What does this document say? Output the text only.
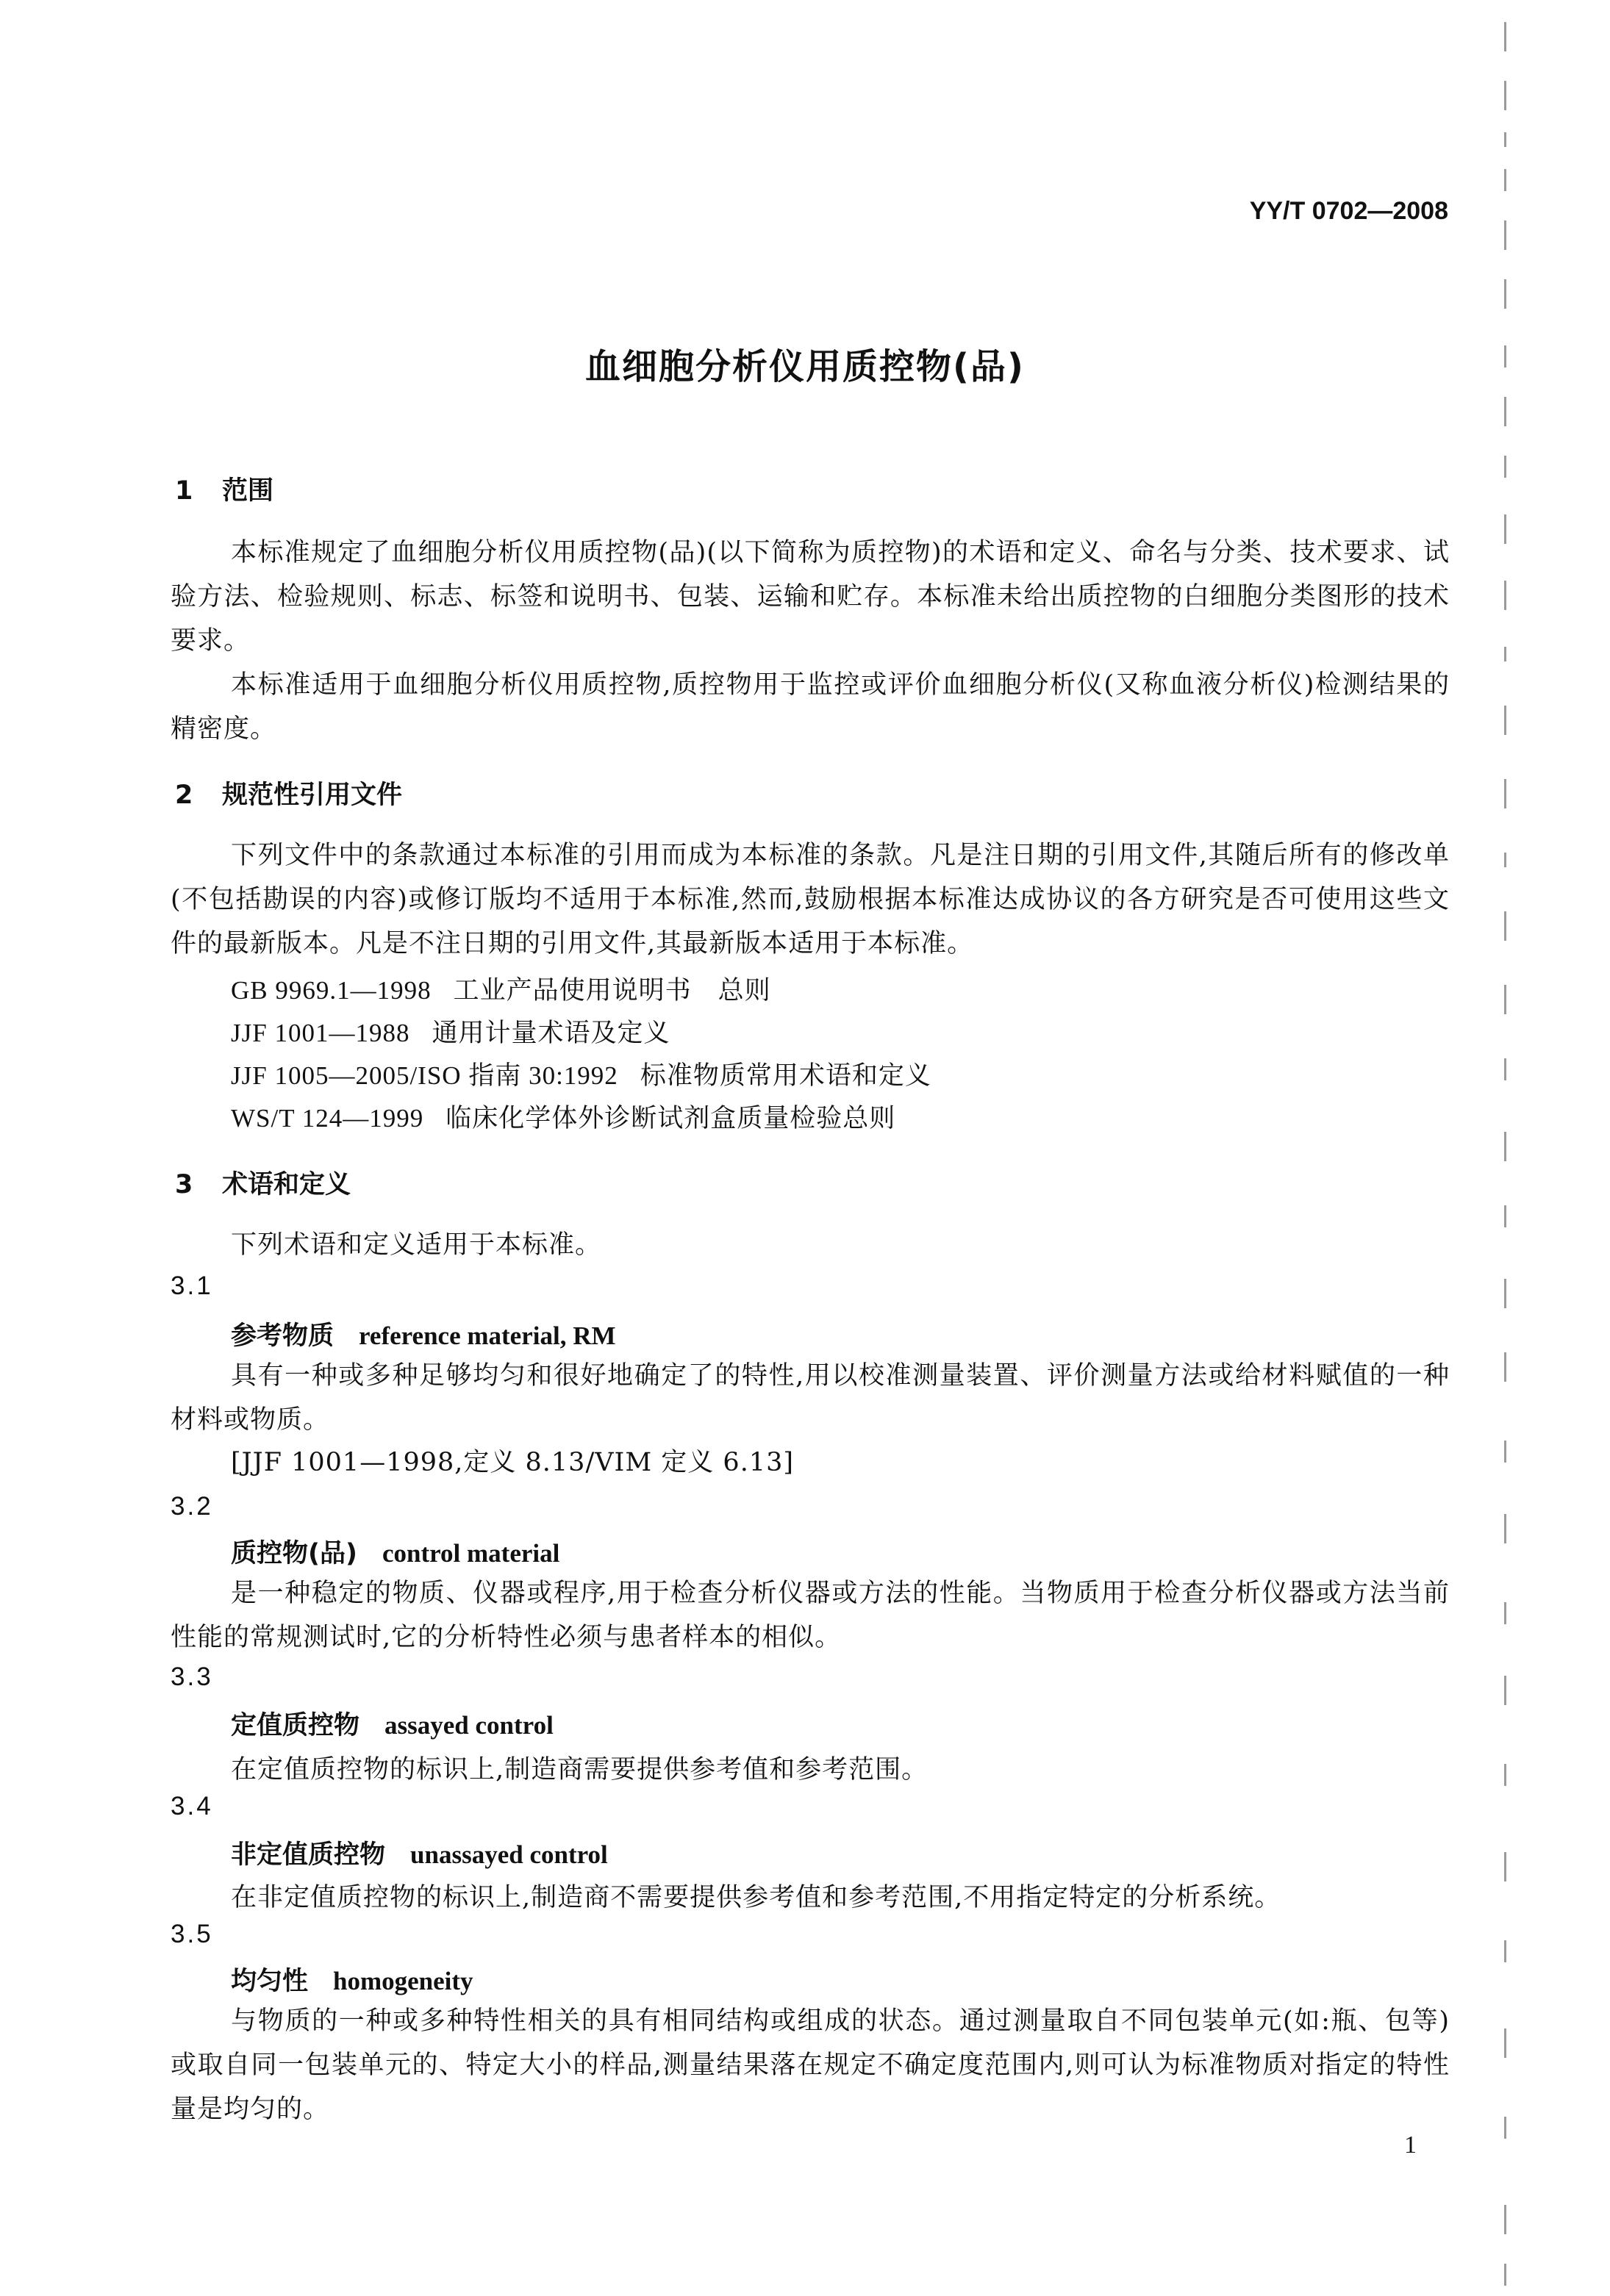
YY/T 0702—2008
血细胞分析仪用质控物(品)
1 范围
本标准规定了血细胞分析仪用质控物(品)(以下简称为质控物)的术语和定义、命名与分类、技术要求、试验方法、检验规则、标志、标签和说明书、包装、运输和贮存。本标准未给出质控物的白细胞分类图形的技术要求。
本标准适用于血细胞分析仪用质控物,质控物用于监控或评价血细胞分析仪(又称血液分析仪)检测结果的精密度。
2 规范性引用文件
下列文件中的条款通过本标准的引用而成为本标准的条款。凡是注日期的引用文件,其随后所有的修改单(不包括勘误的内容)或修订版均不适用于本标准,然而,鼓励根据本标准达成协议的各方研究是否可使用这些文件的最新版本。凡是不注日期的引用文件,其最新版本适用于本标准。
GB 9969.1—1998 工业产品使用说明书　总则
JJF 1001—1988 通用计量术语及定义
JJF 1005—2005/ISO 指南 30:1992 标准物质常用术语和定义
WS/T 124—1999 临床化学体外诊断试剂盒质量检验总则
3 术语和定义
下列术语和定义适用于本标准。
3.1
参考物质 reference material, RM
具有一种或多种足够均匀和很好地确定了的特性,用以校准测量装置、评价测量方法或给材料赋值的一种材料或物质。
[JJF 1001—1998,定义 8.13/VIM 定义 6.13]
3.2
质控物(品) control material
是一种稳定的物质、仪器或程序,用于检查分析仪器或方法的性能。当物质用于检查分析仪器或方法当前性能的常规测试时,它的分析特性必须与患者样本的相似。
3.3
定值质控物 assayed control
在定值质控物的标识上,制造商需要提供参考值和参考范围。
3.4
非定值质控物 unassayed control
在非定值质控物的标识上,制造商不需要提供参考值和参考范围,不用指定特定的分析系统。
3.5
均匀性 homogeneity
与物质的一种或多种特性相关的具有相同结构或组成的状态。通过测量取自不同包装单元(如:瓶、包等)或取自同一包装单元的、特定大小的样品,测量结果落在规定不确定度范围内,则可认为标准物质对指定的特性量是均匀的。
1
